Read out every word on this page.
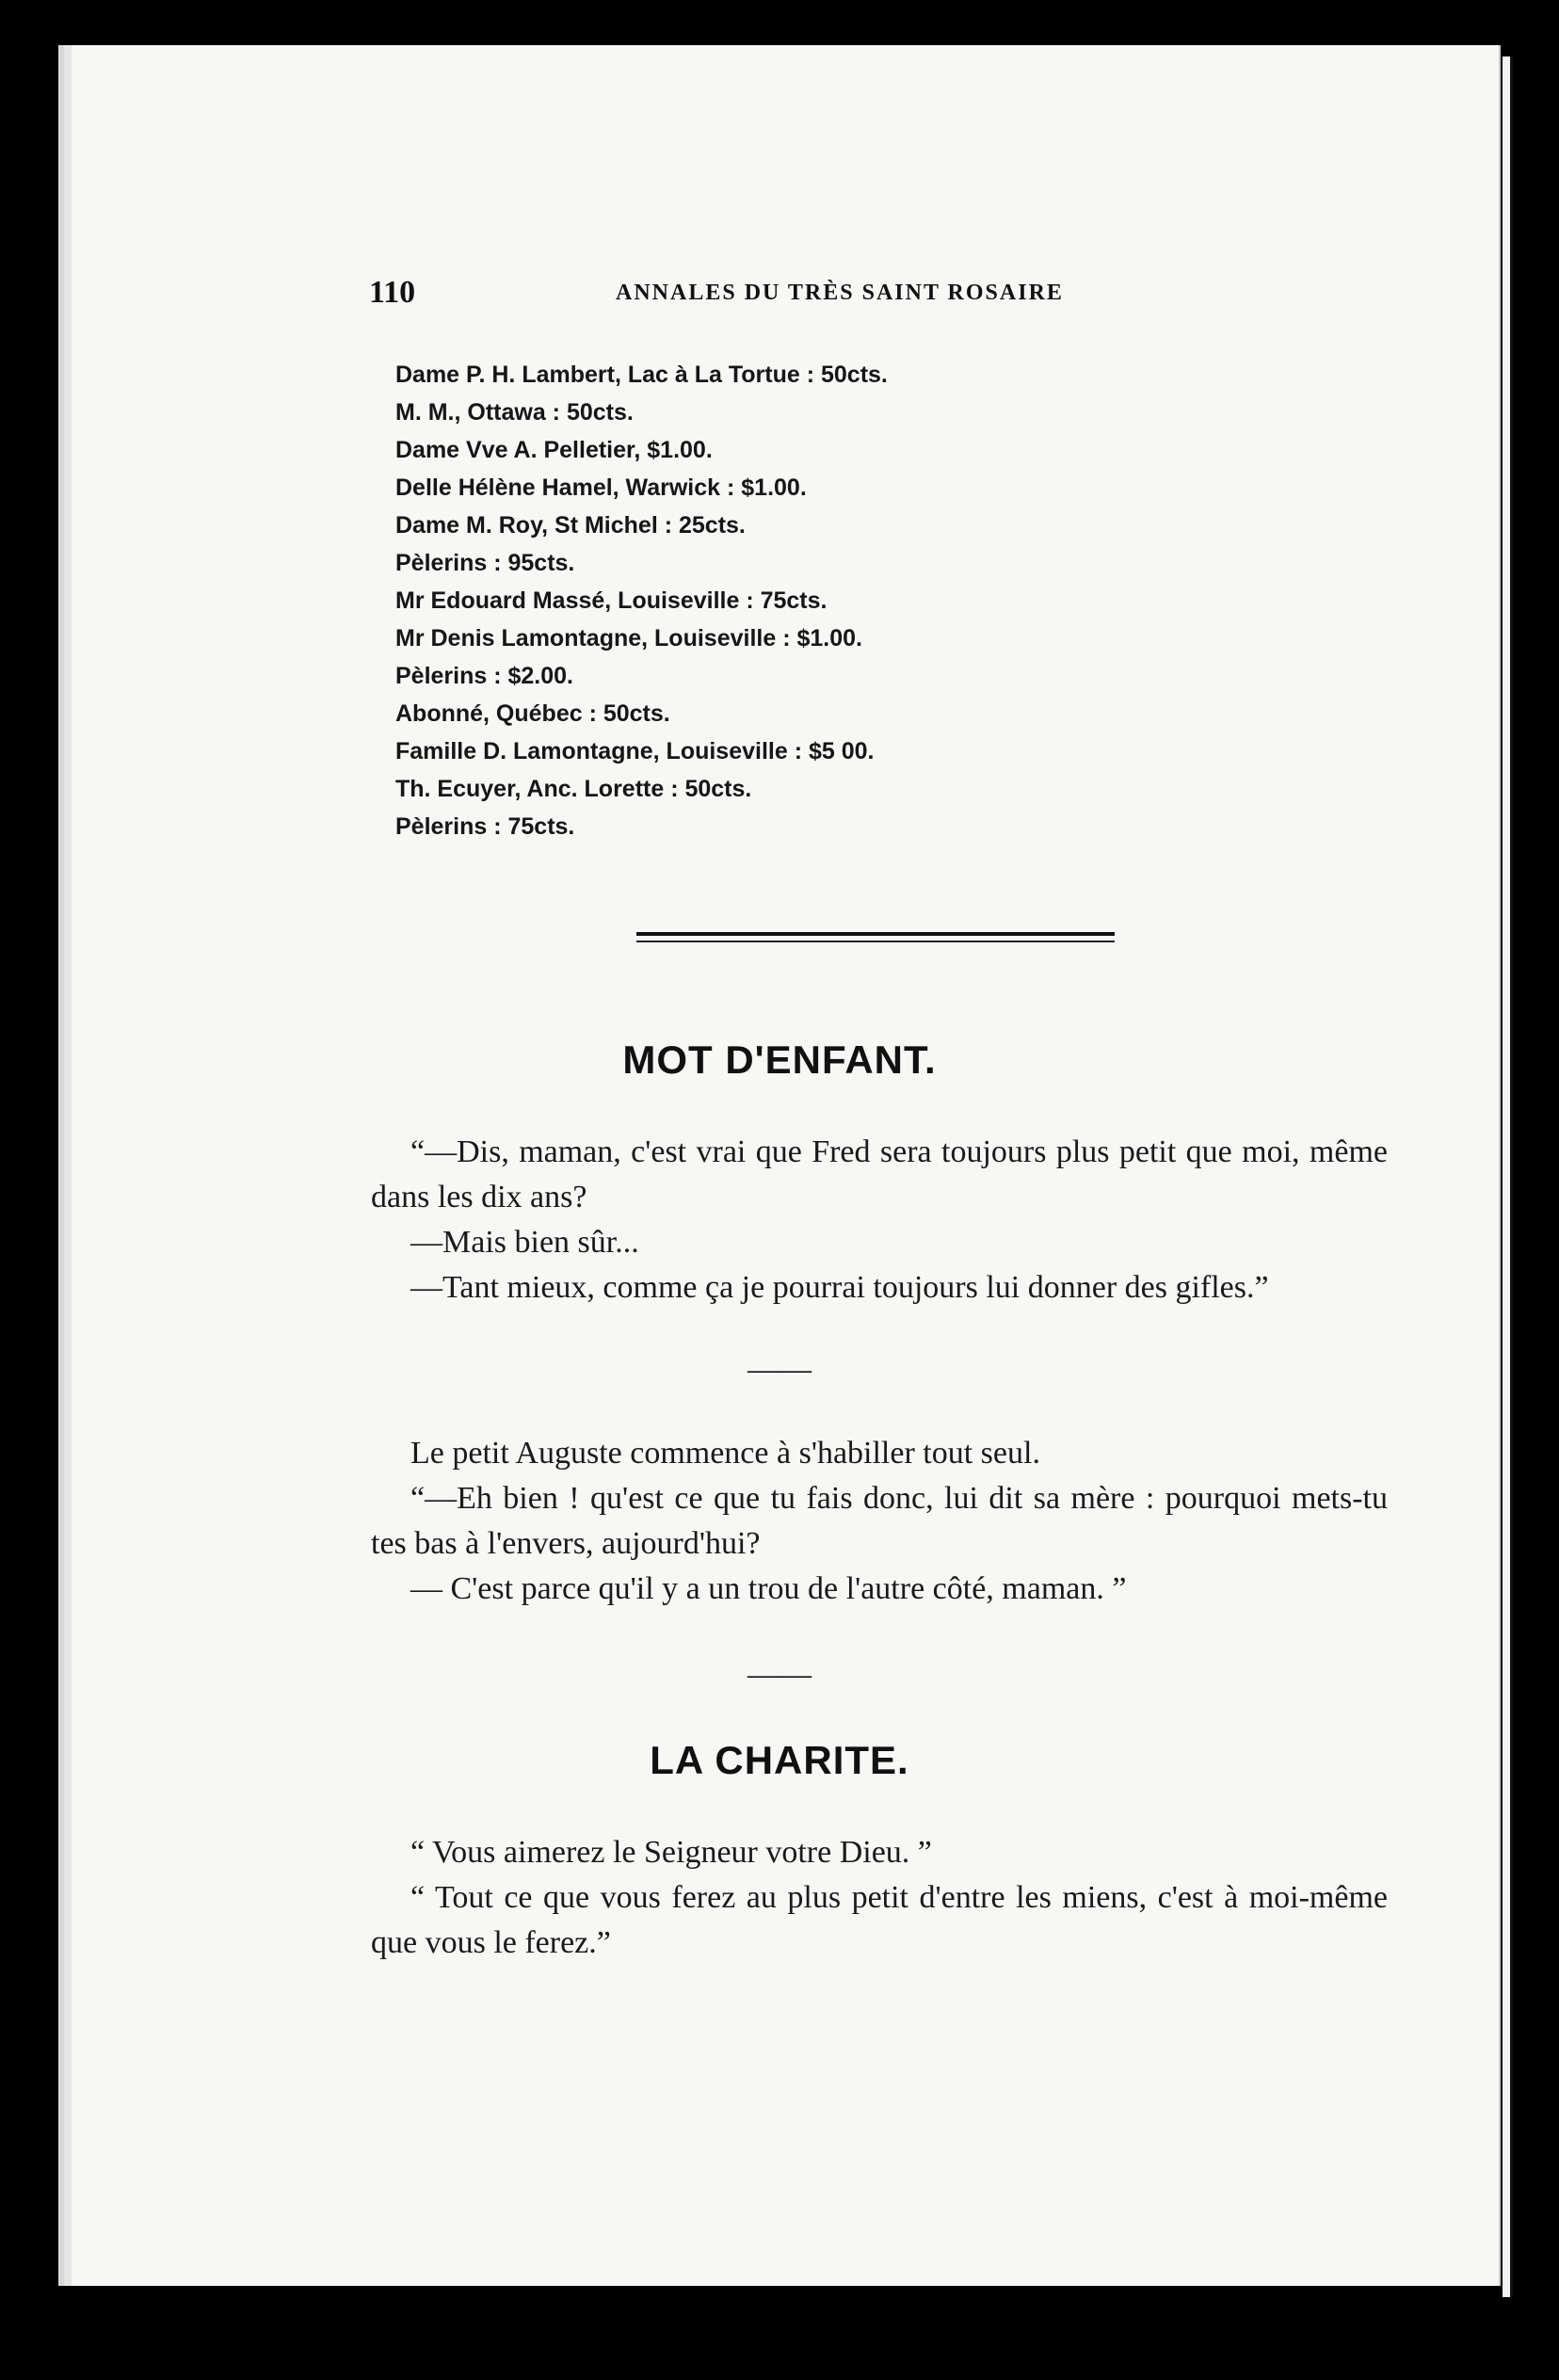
110	ANNALES DU TRÈS SAINT ROSAIRE
Dame P. H. Lambert, Lac à La Tortue : 50cts.
M. M., Ottawa : 50cts.
Dame Vve A. Pelletier, $1.00.
Delle Hélène Hamel, Warwick : $1.00.
Dame M. Roy, St Michel : 25cts.
Pèlerins : 95cts.
Mr Edouard Massé, Louiseville : 75cts.
Mr Denis Lamontagne, Louiseville : $1.00.
Pèlerins : $2.00.
Abonné, Québec : 50cts.
Famille D. Lamontagne, Louiseville : $5 00.
Th. Ecuyer, Anc. Lorette : 50cts.
Pèlerins : 75cts.
MOT D'ENFANT.

“—Dis, maman, c'est vrai que Fred sera toujours plus petit que moi, même dans les dix ans?

—Mais bien sûr...

—Tant mieux, comme ça je pourrai toujours lui donner des gifles.”

——

Le petit Auguste commence à s'habiller tout seul.

“—Eh bien ! qu'est ce que tu fais donc, lui dit sa mère : pourquoi mets-tu tes bas à l'envers, aujourd'hui?

— C'est parce qu'il y a un trou de l'autre côté, maman. ”

——
LA CHARITE.

“ Vous aimerez le Seigneur votre Dieu. ”

“ Tout ce que vous ferez au plus petit d'entre les miens, c'est à moi-même que vous le ferez.”
